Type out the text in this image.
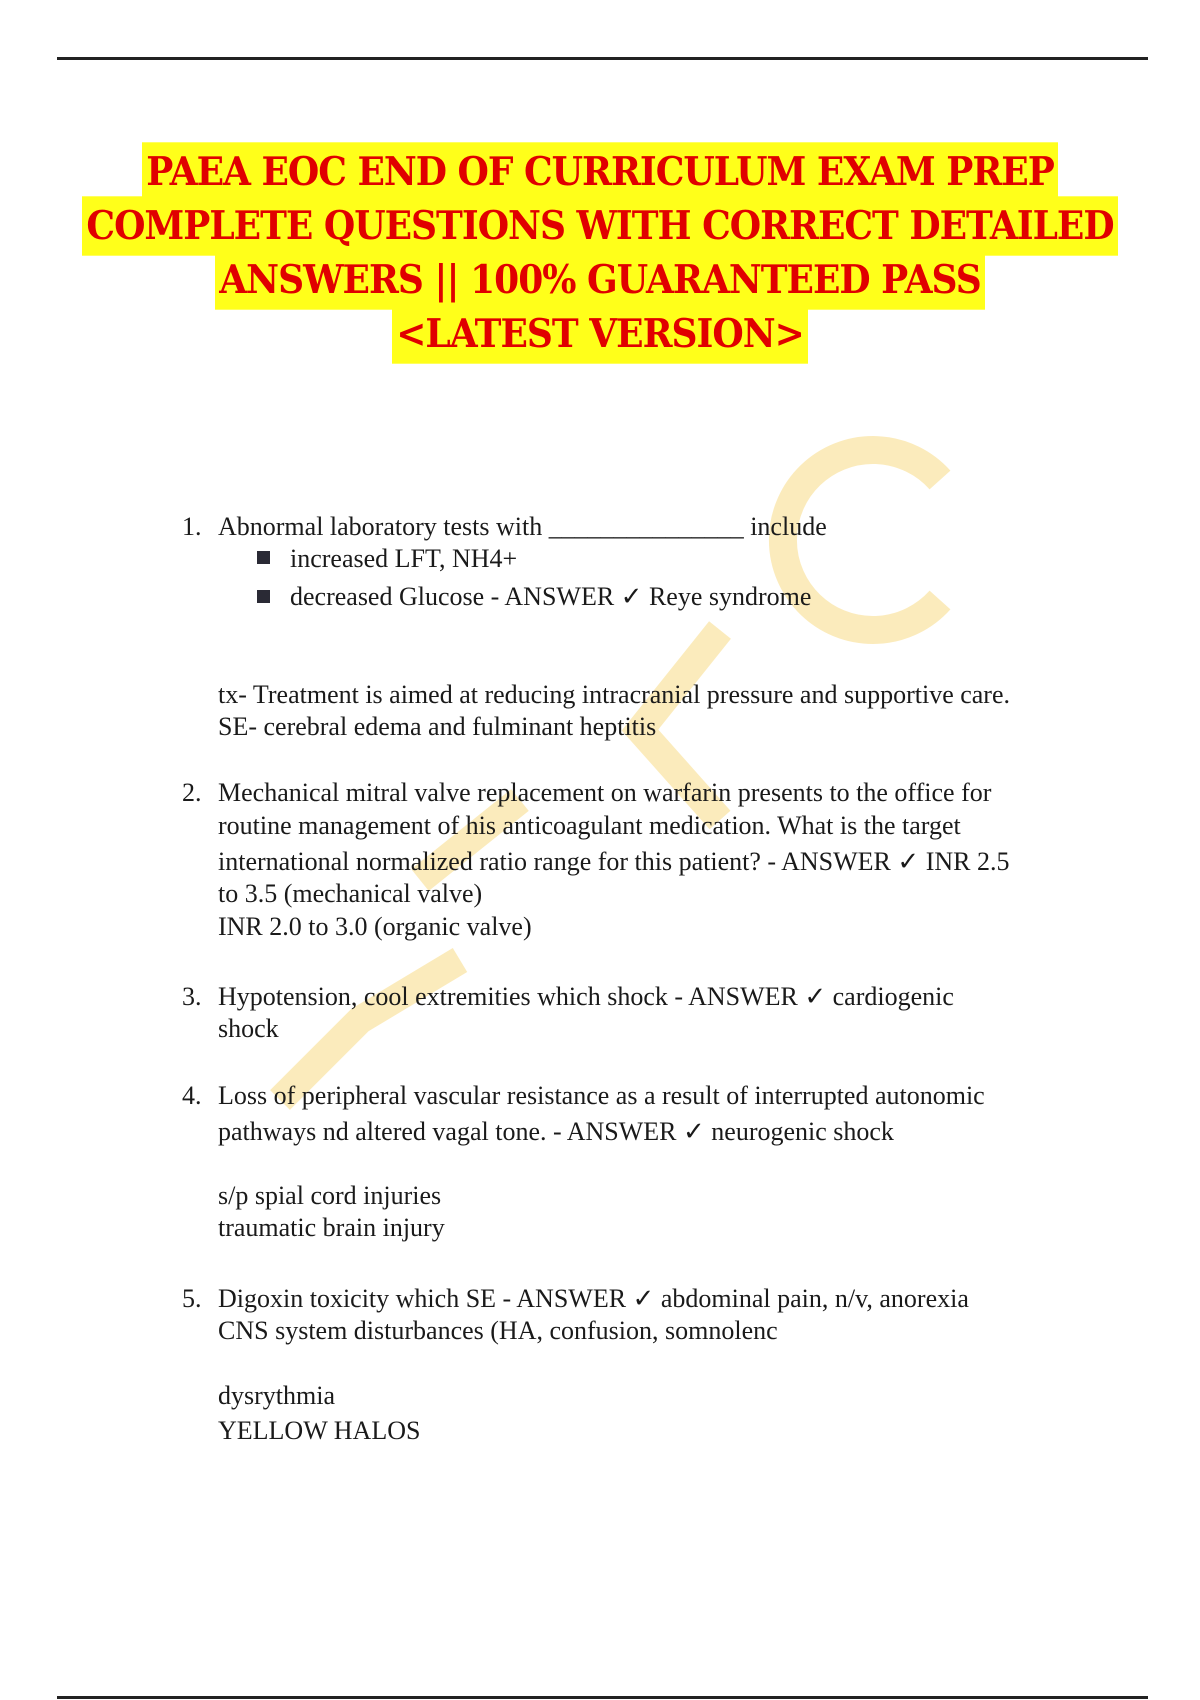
PAEA EOC END OF CURRICULUM EXAM PREP
COMPLETE QUESTIONS WITH CORRECT DETAILED
ANSWERS || 100% GUARANTEED PASS
<LATEST VERSION>
1. Abnormal laboratory tests with _______________ include
increased LFT, NH4+
decreased Glucose - ANSWER ✓ Reye syndrome
tx- Treatment is aimed at reducing intracranial pressure and supportive care.
SE- cerebral edema and fulminant heptitis
2. Mechanical mitral valve replacement on warfarin presents to the office for
routine management of his anticoagulant medication. What is the target
international normalized ratio range for this patient? - ANSWER ✓ INR 2.5
to 3.5 (mechanical valve)
INR 2.0 to 3.0 (organic valve)
3. Hypotension, cool extremities which shock - ANSWER ✓ cardiogenic
shock
4. Loss of peripheral vascular resistance as a result of interrupted autonomic
pathways nd altered vagal tone. - ANSWER ✓ neurogenic shock
s/p spial cord injuries
traumatic brain injury
5. Digoxin toxicity which SE - ANSWER ✓ abdominal pain, n/v, anorexia
CNS system disturbances (HA, confusion, somnolenc
dysrythmia
YELLOW HALOS
